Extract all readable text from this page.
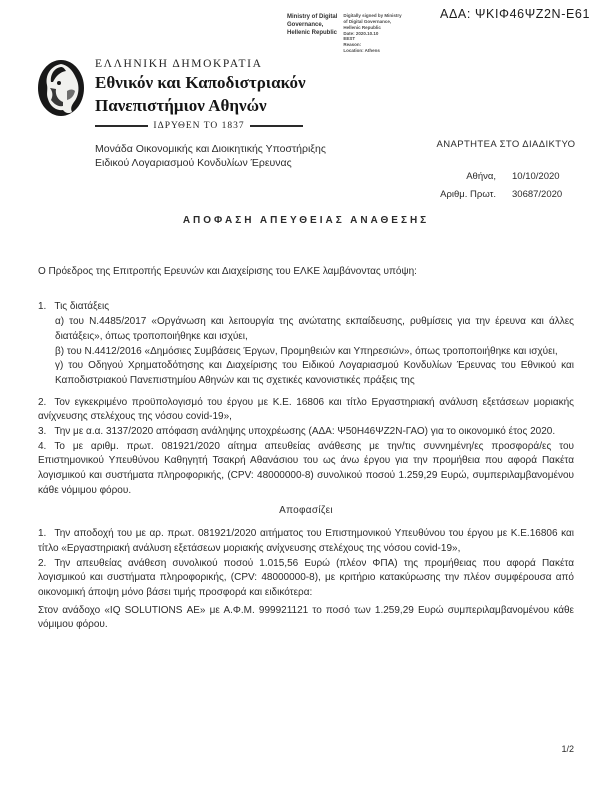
ΑΔΑ: ΨΚΙΦ46ΨΖ2Ν-Ε61
Ministry of Digital
Governance,
Hellenic Republic
Digitally signed by Ministry
of Digital Governance,
Hellenic Republic
Date: 2020.10.10
EEST
Reason:
Location: Athens
ΕΛΛΗΝΙΚΗ ΔΗΜΟΚΡΑΤΙΑ
Εθνικόν και Καποδιστριακόν
Πανεπιστήμιον Αθηνών
ΙΔΡΥΘΕΝ ΤΟ 1837
Μονάδα Οικονομικής και Διοικητικής Υποστήριξης
Ειδικού Λογαριασμού Κονδυλίων Έρευνας
ΑΝΑΡΤΗΤΕΑ ΣΤΟ ΔΙΑΔΙΚΤΥΟ
Αθήνα, 10/10/2020
Αριθμ. Πρωτ. 30687/2020
ΑΠΟΦΑΣΗ ΑΠΕΥΘΕΙΑΣ ΑΝΑΘΕΣΗΣ

Ο Πρόεδρος της Επιτροπής Ερευνών και Διαχείρισης του ΕΛΚΕ λαμβάνοντας υπόψη:

1. Τις διατάξεις

α) του Ν.4485/2017 «Οργάνωση και λειτουργία της ανώτατης εκπαίδευσης, ρυθμίσεις για την έρευνα και άλλες διατάξεις», όπως τροποποιήθηκε και ισχύει,

β) του Ν.4412/2016 «Δημόσιες Συμβάσεις Έργων, Προμηθειών και Υπηρεσιών», όπως τροποποιήθηκε και ισχύει,

γ) του Οδηγού Χρηματοδότησης και Διαχείρισης του Ειδικού Λογαριασμού Κονδυλίων Έρευνας του Εθνικού και Καποδιστριακού Πανεπιστημίου Αθηνών και τις σχετικές κανονιστικές πράξεις της

2. Τον εγκεκριμένο προϋπολογισμό του έργου με Κ.Ε. 16806 και τίτλο Εργαστηριακή ανάλυση εξετάσεων μοριακής ανίχνευσης στελέχους της νόσου covid-19»,

3. Την με α.α. 3137/2020 απόφαση ανάληψης υποχρέωσης (ΑΔΑ: Ψ50Η46ΨΖ2Ν-ΓΑΟ) για το οικονομικό έτος 2020.

4. Το με αριθμ. πρωτ. 081921/2020 αίτημα απευθείας ανάθεσης με την/τις συννημένη/ες προσφορά/ες του Επιστημονικού Υπευθύνου Καθηγητή Τσακρή Αθανάσιου του ως άνω έργου για την προμήθεια που αφορά Πακέτα λογισμικού και συστήματα πληροφορικής, (CPV: 48000000-8) συνολικού ποσού 1.259,29 Ευρώ, συμπεριλαμβανομένου κάθε νόμιμου φόρου.

Αποφασίζει

1. Την αποδοχή του με αρ. πρωτ. 081921/2020 αιτήματος του Επιστημονικού Υπευθύνου του έργου με Κ.Ε.16806 και τίτλο «Εργαστηριακή ανάλυση εξετάσεων μοριακής ανίχνευσης στελέχους της νόσου covid-19»,

2. Την απευθείας ανάθεση συνολικού ποσού 1.015,56 Ευρώ (πλέον ΦΠΑ) της προμήθειας που αφορά Πακέτα λογισμικού και συστήματα πληροφορικής, (CPV: 48000000-8), με κριτήριο κατακύρωσης την πλέον συμφέρουσα από οικονομική άποψη μόνο βάσει τιμής προσφορά και ειδικότερα:

Στον ανάδοχο «IQ SOLUTIONS ΑΕ» με Α.Φ.Μ. 999921121 το ποσό των 1.259,29 Ευρώ συμπεριλαμβανομένου κάθε νόμιμου φόρου.

1/2
